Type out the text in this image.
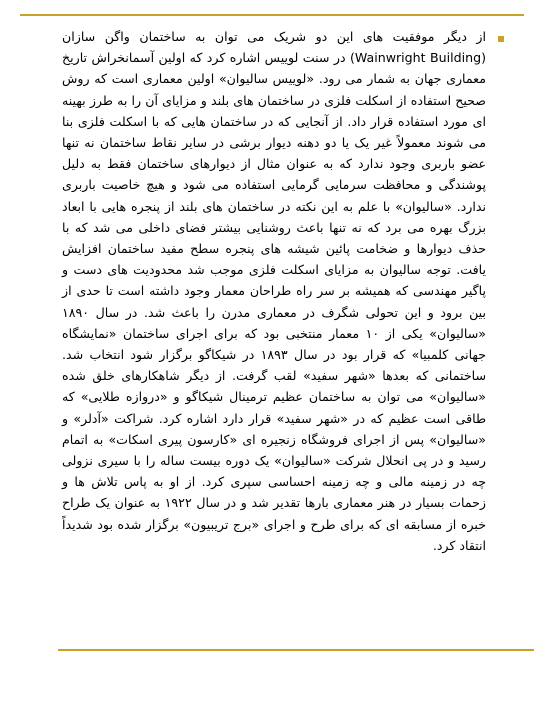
از دیگر موفقیت های این دو شریک می توان به ساختمان واگن سازان (Wainwright Building) در سنت لوییس اشاره کرد که اولین آسمانخراش تاریخ معماری جهان به شمار می رود. «لوییس سالیوان» اولین معماری است که روش صحیح استفاده از اسکلت فلزی در ساختمان های بلند و مزایای آن را به طرز بهینه ای مورد استفاده قرار داد. از آنجایی که در ساختمان هایی که با اسکلت فلزی بنا می شوند معمولاً غیر یک یا دو دهنه دیوار برشی در سایر نقاط ساختمان نه تنها عضو باربری وجود ندارد که به عنوان مثال از دیوارهای ساختمان فقط به دلیل پوشندگی و محافظت سرمایی گرمایی استفاده می شود و هیچ خاصیت باربری ندارد. «سالیوان» با علم به این نکته در ساختمان های بلند از پنجره هایی با ابعاد بزرگ بهره می برد که نه تنها باعث روشنایی بیشتر فضای داخلی می شد که با حذف دیوارها و ضخامت پائین شیشه های پنجره سطح مفید ساختمان افزایش یافت. توجه سالیوان به مزایای اسکلت فلزی موجب شد محدودیت های دست و پاگیر مهندسی که همیشه بر سر راه طراحان معمار وجود داشته است تا حدی از بین برود و این تحولی شگرف در معماری مدرن را باعث شد. در سال ۱۸۹۰ «سالیوان» یکی از ۱۰ معمار منتخبی بود که برای اجرای ساختمان «نمایشگاه جهانی کلمبیا» که قرار بود در سال ۱۸۹۳ در شیکاگو برگزار شود انتخاب شد. ساختمانی که بعدها «شهر سفید» لقب گرفت. از دیگر شاهکارهای خلق شده «سالیوان» می توان به ساختمان عظیم ترمینال شیکاگو و «دروازه طلایی» که طاقی است عظیم که در «شهر سفید» قرار دارد اشاره کرد. شراکت «آدلر» و «سالیوان» پس از اجرای فروشگاه زنجیره ای «کارسون پیری اسکات» به اتمام رسید و در پی انحلال شرکت «سالیوان» یک دوره بیست ساله را با سیری نزولی چه در زمینه مالی و چه زمینه احساسی سپری کرد. از او به پاس تلاش ها و زحمات بسیار در هنر معماری بارها تقدیر شد و در سال ۱۹۲۲ به عنوان یک طراح خبره از مسابقه ای که برای طرح و اجرای «برج تریبیون» برگزار شده بود شدیداً انتقاد کرد.
